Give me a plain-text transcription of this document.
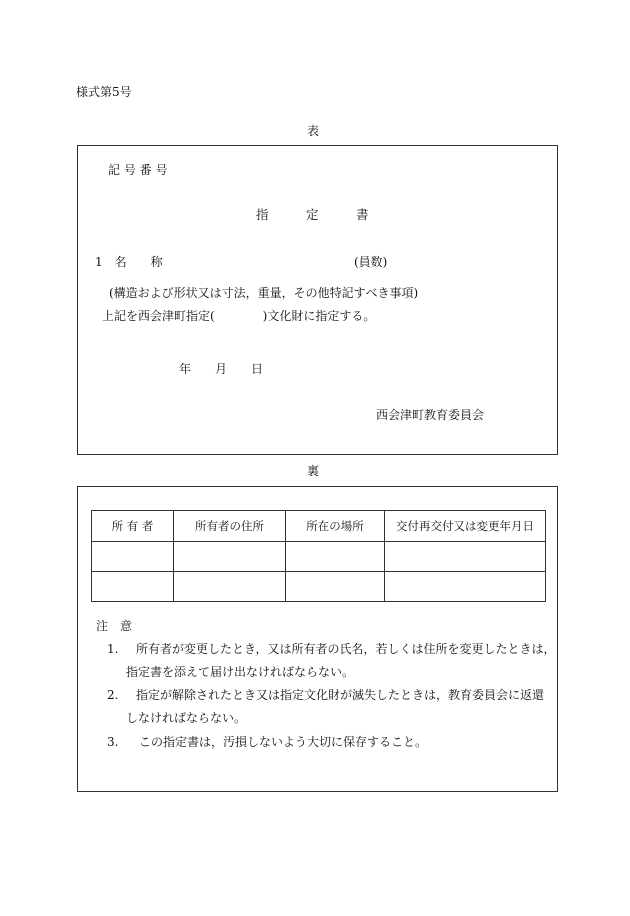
様式第5号
表
記 号 番 号
指　　　定　　　書
1　名　　称	(員数)
(構造および形状又は寸法，重量，その他特記すべき事項)
上記を西会津町指定(　　　　)文化財に指定する。
年　　月　　日
西会津町教育委員会
裏
所 有 者	所有者の住所	所在の場所	交付再交付又は変更年月日

注　意
1. 所有者が変更したとき，又は所有者の氏名，若しくは住所を変更したときは，
指定書を添えて届け出なければならない。
2. 指定が解除されたとき又は指定文化財が滅失したときは，教育委員会に返還
しなければならない。
3. この指定書は，汚損しないよう大切に保存すること。
